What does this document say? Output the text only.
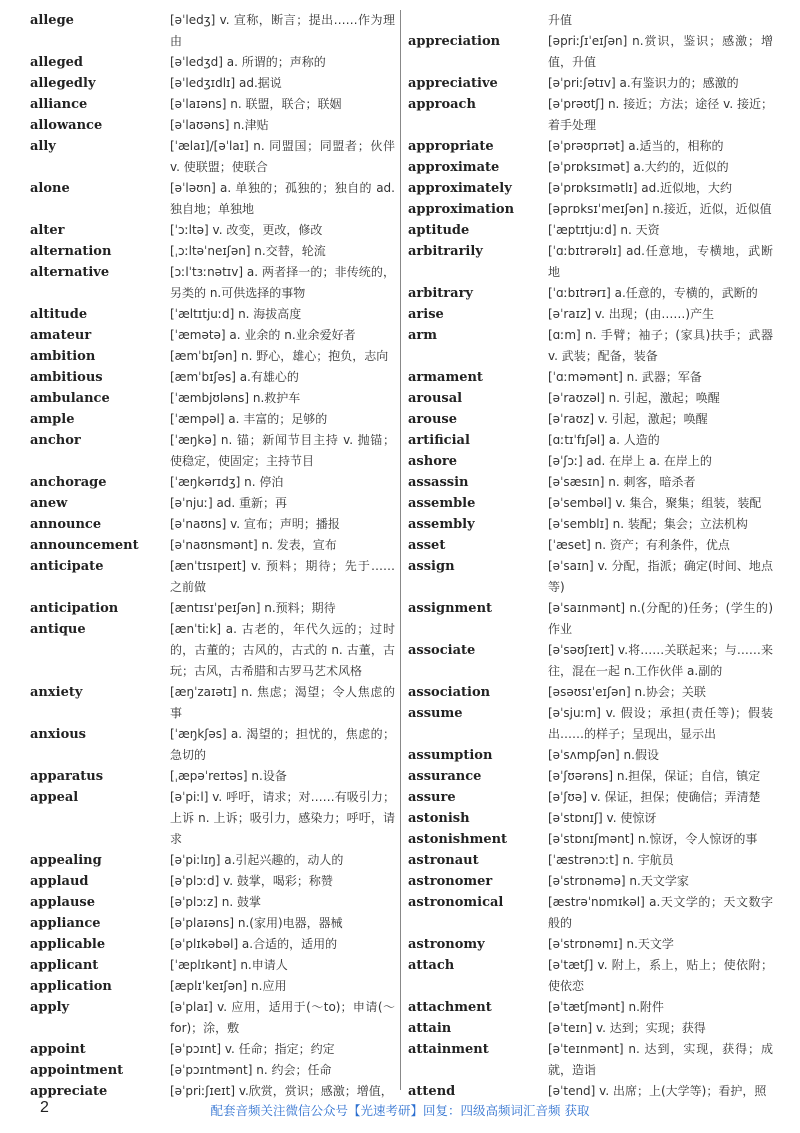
allege	[əˈledʒ] v. 宣称，断言；提出……作为理由
alleged	[əˈledʒd] a. 所谓的；声称的
allegedly	[əˈledʒɪdlɪ] ad.据说
alliance	[əˈlaɪəns] n. 联盟，联合；联姻
allowance	[əˈlaʊəns] n.津贴
ally	[ˈælaɪ]/[əˈlaɪ] n. 同盟国；同盟者；伙伴 v. 使联盟；使联合
alone	[əˈləʊn] a. 单独的；孤独的；独自的 ad. 独自地；单独地
alter	[ˈɔːltə] v. 改变，更改，修改
alternation	[ˌɔːltəˈneɪʃən] n.交替，轮流
alternative	[ɔːlˈtɜːnətɪv] a. 两者择一的；非传统的，另类的 n.可供选择的事物
altitude	[ˈæltɪtjuːd] n. 海拔高度
amateur	[ˈæmətə] a. 业余的 n.业余爱好者
ambition	[æmˈbɪʃən] n. 野心，雄心；抱负，志向
ambitious	[æmˈbɪʃəs] a.有雄心的
ambulance	[ˈæmbjʊləns] n.救护车
ample	[ˈæmpəl] a. 丰富的；足够的
anchor	[ˈæŋkə] n. 锚；新闻节目主持 v. 抛锚；使稳定，使固定；主持节目
anchorage	[ˈæŋkərɪdʒ] n. 停泊
anew	[əˈnjuː] ad. 重新；再
announce	[əˈnaʊns] v. 宣布；声明；播报
announcement	[əˈnaʊnsmənt] n. 发表，宣布
anticipate	[ænˈtɪsɪpeɪt] v. 预料；期待；先于……之前做
anticipation	[æntɪsɪˈpeɪʃən] n.预料；期待
antique	[ænˈtiːk] a. 古老的，年代久远的；过时的，古董的；古风的，古式的 n. 古董，古玩；古风，古希腊和古罗马艺术风格
anxiety	[æŋˈzaɪətɪ] n. 焦虑；渴望；令人焦虑的事
anxious	[ˈæŋkʃəs] a. 渴望的；担忧的，焦虑的；急切的
apparatus	[ˌæpəˈreɪtəs] n.设备
appeal	[əˈpiːl] v. 呼吁，请求；对……有吸引力；上诉 n. 上诉；吸引力，感染力；呼吁，请求
appealing	[əˈpiːlɪŋ] a.引起兴趣的，动人的
applaud	[əˈplɔːd] v. 鼓掌，喝彩；称赞
applause	[əˈplɔːz] n. 鼓掌
appliance	[əˈplaɪəns] n.(家用)电器，器械
applicable	[əˈplɪkəbəl] a.合适的，适用的
applicant	[ˈæplɪkənt] n.申请人
application	[æplɪˈkeɪʃən] n.应用
apply	[əˈplaɪ] v. 应用，适用于(～to)；申请(～for)；涂，敷
appoint	[əˈpɔɪnt] v. 任命；指定；约定
appointment	[əˈpɔɪntmənt] n. 约会；任命
appreciate	[əˈpriːʃɪeɪt] v.欣赏，赏识；感激；增值，
升值
appreciation	[əpriːʃɪˈeɪʃən] n.赏识，鉴识；感激；增值，升值
appreciative	[əˈpriːʃətɪv] a.有鉴识力的；感激的
approach	[əˈprəʊtʃ] n. 接近；方法；途径 v. 接近；着手处理
appropriate	[əˈprəʊprɪət] a.适当的，相称的
approximate	[əˈprɒksɪmət] a.大约的，近似的
approximately	[əˈprɒksɪmətlɪ] ad.近似地，大约
approximation	[əprɒksɪˈmeɪʃən] n.接近，近似，近似值
aptitude	[ˈæptɪtjuːd] n. 天资
arbitrarily	[ˈɑːbɪtrərəlɪ] ad.任意地，专横地，武断地
arbitrary	[ˈɑːbɪtrərɪ] a.任意的，专横的，武断的
arise	[əˈraɪz] v. 出现；(由……)产生
arm	[ɑːm] n. 手臂；袖子；(家具)扶手；武器 v. 武装；配备，装备
armament	[ˈɑːməmənt] n. 武器；军备
arousal	[əˈraʊzəl] n. 引起，激起；唤醒
arouse	[əˈraʊz] v. 引起，激起；唤醒
artificial	[ɑːtɪˈfɪʃəl] a. 人造的
ashore	[əˈʃɔː] ad. 在岸上 a. 在岸上的
assassin	[əˈsæsɪn] n. 刺客，暗杀者
assemble	[əˈsembəl] v. 集合，聚集；组装，装配
assembly	[əˈsemblɪ] n. 装配；集会；立法机构
asset	[ˈæset] n. 资产；有利条件，优点
assign	[əˈsaɪn] v. 分配，指派；确定(时间、地点等)
assignment	[əˈsaɪnmənt] n.(分配的)任务；(学生的)作业
associate	[əˈsəʊʃɪeɪt] v.将……关联起来；与……来往，混在一起 n.工作伙伴 a.副的
association	[əsəʊsɪˈeɪʃən] n.协会；关联
assume	[əˈsjuːm] v. 假设；承担(责任等)；假装出……的样子；呈现出，显示出
assumption	[əˈsʌmpʃən] n.假设
assurance	[əˈʃʊərəns] n.担保，保证；自信，镇定
assure	[əˈʃʊə] v. 保证，担保；使确信；弄清楚
astonish	[əˈstɒnɪʃ] v. 使惊讶
astonishment	[əˈstɒnɪʃmənt] n.惊讶，令人惊讶的事
astronaut	[ˈæstrənɔːt] n. 宇航员
astronomer	[əˈstrɒnəmə] n.天文学家
astronomical	[æstrəˈnɒmɪkəl] a.天文学的；天文数字般的
astronomy	[əˈstrɒnəmɪ] n.天文学
attach	[əˈtætʃ] v. 附上，系上，贴上；使依附；使依恋
attachment	[əˈtætʃmənt] n.附件
attain	[əˈteɪn] v. 达到；实现；获得
attainment	[əˈteɪnmənt] n. 达到，实现，获得；成就，造诣
attend	[əˈtend] v. 出席；上(大学等)；看护，照
2	配套音频关注微信公众号【光速考研】回复：四级高频词汇音频 获取
